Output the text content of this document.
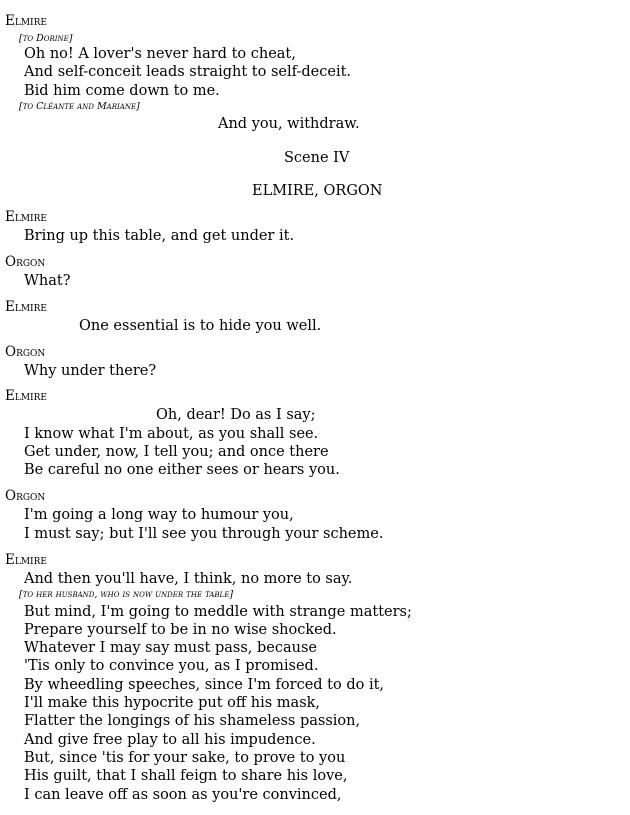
Elmire
[to Dorine]
Oh no! A lover's never hard to cheat,
And self-conceit leads straight to self-deceit.
Bid him come down to me.
[to Cléante and Mariane]
And you, withdraw.
Scene IV
ELMIRE, ORGON
Elmire
Bring up this table, and get under it.
Orgon
What?
Elmire
One essential is to hide you well.
Orgon
Why under there?
Elmire
Oh, dear! Do as I say;
I know what I'm about, as you shall see.
Get under, now, I tell you; and once there
Be careful no one either sees or hears you.
Orgon
I'm going a long way to humour you,
I must say; but I'll see you through your scheme.
Elmire
And then you'll have, I think, no more to say.
[to her husband, who is now under the table]
But mind, I'm going to meddle with strange matters;
Prepare yourself to be in no wise shocked.
Whatever I may say must pass, because
'Tis only to convince you, as I promised.
By wheedling speeches, since I'm forced to do it,
I'll make this hypocrite put off his mask,
Flatter the longings of his shameless passion,
And give free play to all his impudence.
But, since 'tis for your sake, to prove to you
His guilt, that I shall feign to share his love,
I can leave off as soon as you're convinced,
